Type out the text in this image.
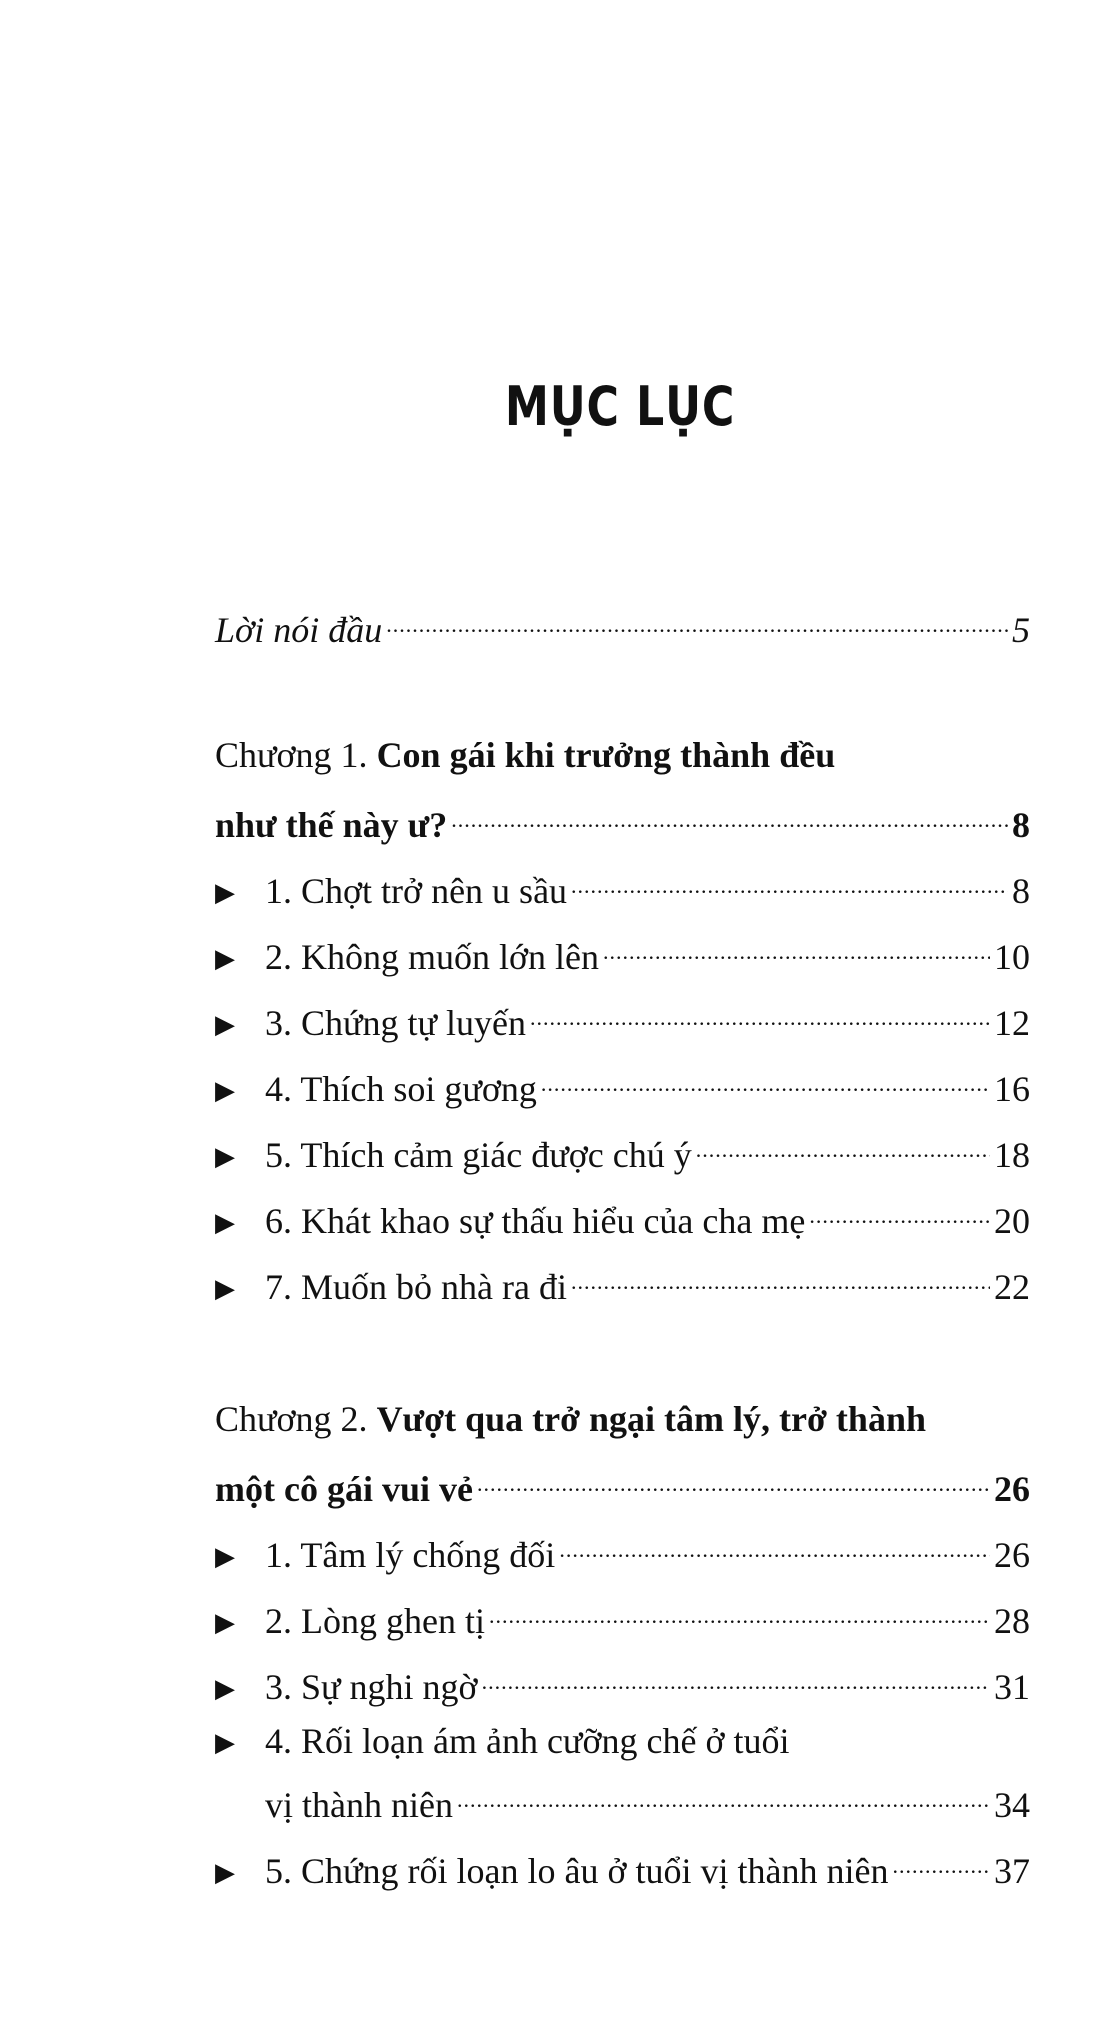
MỤC LỤC
Lời nói đầu .....	5
Chương 1. Con gái khi trưởng thành đều
như thế này ư? .....	8
▶ 1. Chợt trở nên u sầu .....	8
▶ 2. Không muốn lớn lên .....	10
▶ 3. Chứng tự luyến .....	12
▶ 4. Thích soi gương .....	16
▶ 5. Thích cảm giác được chú ý .....	18
▶ 6. Khát khao sự thấu hiểu của cha mẹ .....	20
▶ 7. Muốn bỏ nhà ra đi .....	22
Chương 2. Vượt qua trở ngại tâm lý, trở thành
một cô gái vui vẻ .....	26
▶ 1. Tâm lý chống đối .....	26
▶ 2. Lòng ghen tị .....	28
▶ 3. Sự nghi ngờ .....	31
▶ 4. Rối loạn ám ảnh cưỡng chế ở tuổi
vị thành niên .....	34
▶ 5. Chứng rối loạn lo âu ở tuổi vị thành niên .....	37
